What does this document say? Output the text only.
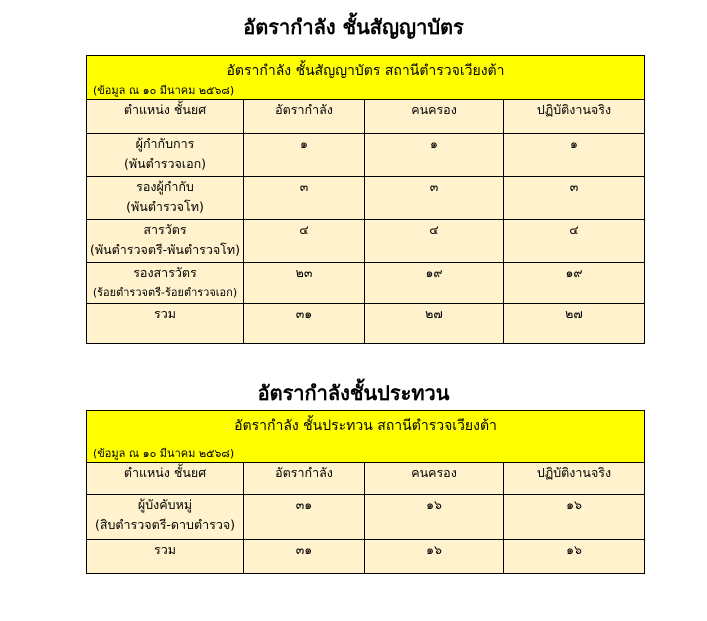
อัตรากำลัง ชั้นสัญญาบัตร
อัตรากำลัง ชั้นสัญญาบัตร สถานีตำรวจเวียงต้า
(ข้อมูล ณ ๑๐ มีนาคม ๒๕๖๘)			

ตำแหน่ง ชั้นยศ	อัตรากำลัง	คนครอง	ปฏิบัติงานจริง

ผู้กำกับการ
(พันตำรวจเอก)	๑	๑	๑

รองผู้กำกับ
(พันตำรวจโท)	๓	๓	๓

สารวัตร
(พันตำรวจตรี-พันตำรวจโท)	๔	๔	๔

รองสารวัตร
(ร้อยตำรวจตรี-ร้อยตำรวจเอก)	๒๓	๑๙	๑๙
รวม	๓๑	๒๗	๒๗
อัตรากำลังชั้นประทวน
อัตรากำลัง ชั้นประทวน สถานีตำรวจเวียงต้า
(ข้อมูล ณ ๑๐ มีนาคม ๒๕๖๘)			

ตำแหน่ง ชั้นยศ	อัตรากำลัง	คนครอง	ปฏิบัติงานจริง

ผู้บังคับหมู่
(สิบตำรวจตรี-ดาบตำรวจ)	๓๑	๑๖	๑๖
รวม	๓๑	๑๖	๑๖
